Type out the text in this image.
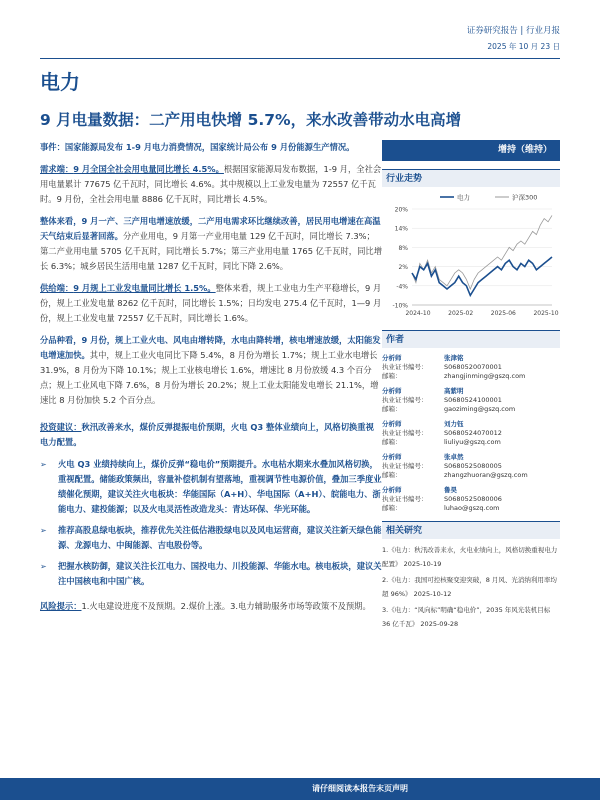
证券研究报告 | 行业月报
2025 年 10 月 23 日
电力
9 月电量数据：二产用电快增 5.7%，来水改善带动水电高增

事件：国家能源局发布 1-9 月电力消费情况，国家统计局公布 9 月份能源生产情况。

需求端：9 月全国全社会用电量同比增长 4.5%。根据国家能源局发布数据，1-9 月，全社会用电量累计 77675 亿千瓦时，同比增长 4.6%。其中规模以上工业发电量为 72557 亿千瓦时。9 月份，全社会用电量 8886 亿千瓦时，同比增长 4.5%。

整体来看，9 月一产、三产用电增速放缓，二产用电需求环比继续改善，居民用电增速在高温天气结束后显著回落。分产业用电，9 月第一产业用电量 129 亿千瓦时，同比增长 7.3%；第二产业用电量 5705 亿千瓦时，同比增长 5.7%；第三产业用电量 1765 亿千瓦时，同比增长 6.3%；城乡居民生活用电量 1287 亿千瓦时，同比下降 2.6%。

供给端：9 月规上工业发电量同比增长 1.5%。整体来看，规上工业电力生产平稳增长，9 月份，规上工业发电量 8262 亿千瓦时，同比增长 1.5%；日均发电 275.4 亿千瓦时，1—9 月份，规上工业发电量 72557 亿千瓦时，同比增长 1.6%。

分品种看，9 月份，规上工业火电、风电由增转降，水电由降转增，核电增速放缓，太阳能发电增速加快。其中，规上工业火电同比下降 5.4%，8 月份为增长 1.7%；规上工业水电增长 31.9%，8 月份为下降 10.1%；规上工业核电增长 1.6%，增速比 8 月份放缓 4.3 个百分点；规上工业风电下降 7.6%，8 月份为增长 20.2%；规上工业太阳能发电增长 21.1%，增速比 8 月份加快 5.2 个百分点。

投资建议：秋汛改善来水，煤价反弹提振电价预期，火电 Q3 整体业绩向上，风格切换重视电力配置。

➢ 火电 Q3 业绩持续向上，煤价反弹“稳电价”预期提升。水电枯水期来水叠加风格切换，重视配置。储能政策频出，容量补偿机制有望落地，重视调节性电源价值，叠加三季度业绩催化预期，建议关注火电板块：华能国际（A+H）、华电国际（A+H）、皖能电力、浙能电力、建投能源；以及火电灵活性改造龙头：青达环保、华光环能。
➢ 推荐高股息绿电板块，推荐优先关注低估港股绿电以及风电运营商，建议关注新天绿色能源、龙源电力、中闽能源、吉电股份等。
➢ 把握水核防御，建议关注长江电力、国投电力、川投能源、华能水电。核电板块，建议关注中国核电和中国广核。

风险提示：1.火电建设进度不及预期。2.煤价上涨。3.电力辅助服务市场等政策不及预期。

增持（维持）
行业走势
20%
14%
8%
2%
-4%
-10%
2024-10	2025-02	2025-06	2025-10
电力	沪深300
作者
分析师	张津铭
执业证书编号：	S0680520070001
邮箱：	zhangjinming@gszq.com
分析师	高紫明
执业证书编号：	S0680524100001
邮箱：	gaoziming@gszq.com
分析师	刘力钰
执业证书编号：	S0680524070012
邮箱：	liuliyu@gszq.com
分析师	张卓然
执业证书编号：	S0680525080005
邮箱：	zhangzhuoran@gszq.com
分析师	鲁昊
执业证书编号：	S0680525080006
邮箱：	luhao@gszq.com
相关研究
1.《电力：秋汛改善来水，火电业绩向上，风格切换重视电力配置》 2025-10-19
2.《电力：我国可控核聚变迎突破，8 月风、光消纳利用率均超 96%》 2025-10-12
3.《电力：“风向标”明确“稳电价”，2035 年风光装机目标 36 亿千瓦》 2025-09-28
请仔细阅读本报告末页声明
